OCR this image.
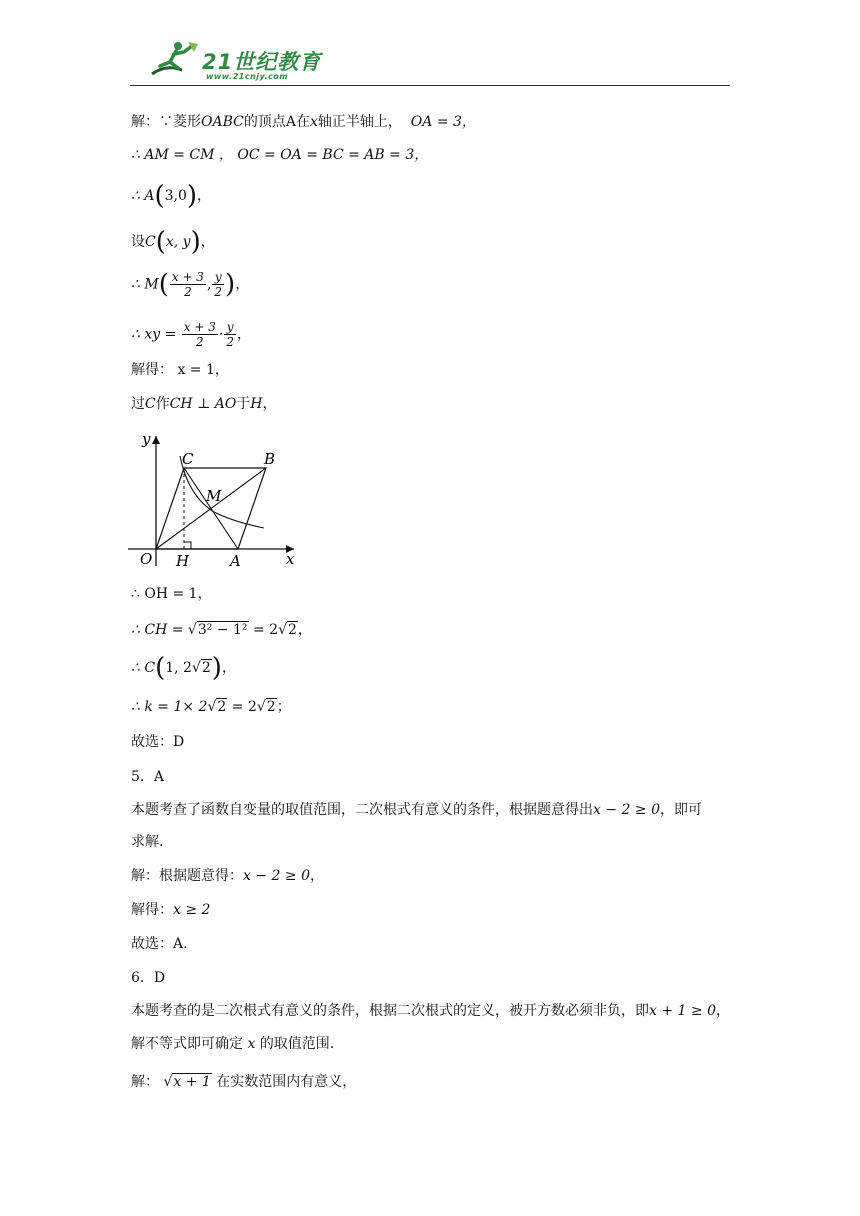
21世纪教育
www.21cnjy.com
解：∵菱形OABC的顶点A在x轴正半轴上， OA = 3，
∴ AM = CM ， OC = OA = BC = AB = 3，
∴ A(3,0)，
设C(x, y)，
∴ $M( \frac{x + 3}{2}$ , $\frac{y}{2}$ )，
∴ xy = $\frac{x + 3}{2} \cdot \frac{y}{2}$ ，
解得： x = 1，
过C作CH ⊥ AO于H，
y
x
O
C	B
M
H	A
∴ OH = 1，
∴ CH = √3² − 1² = 2√2，
∴ C(1, 2√2)，
∴ k = 1× 2√2 = 2√2；
故选：D
5．A
本题考查了函数自变量的取值范围，二次根式有意义的条件，根据题意得出x − 2 ≥ 0，即可
求解.
解：根据题意得：x − 2 ≥ 0，
解得：x ≥ 2
故选：A.
6．D
本题考查的是二次根式有意义的条件，根据二次根式的定义，被开方数必须非负，即x + 1 ≥ 0，
解不等式即可确定 x 的取值范围.
解： √x + 1 在实数范围内有意义，
